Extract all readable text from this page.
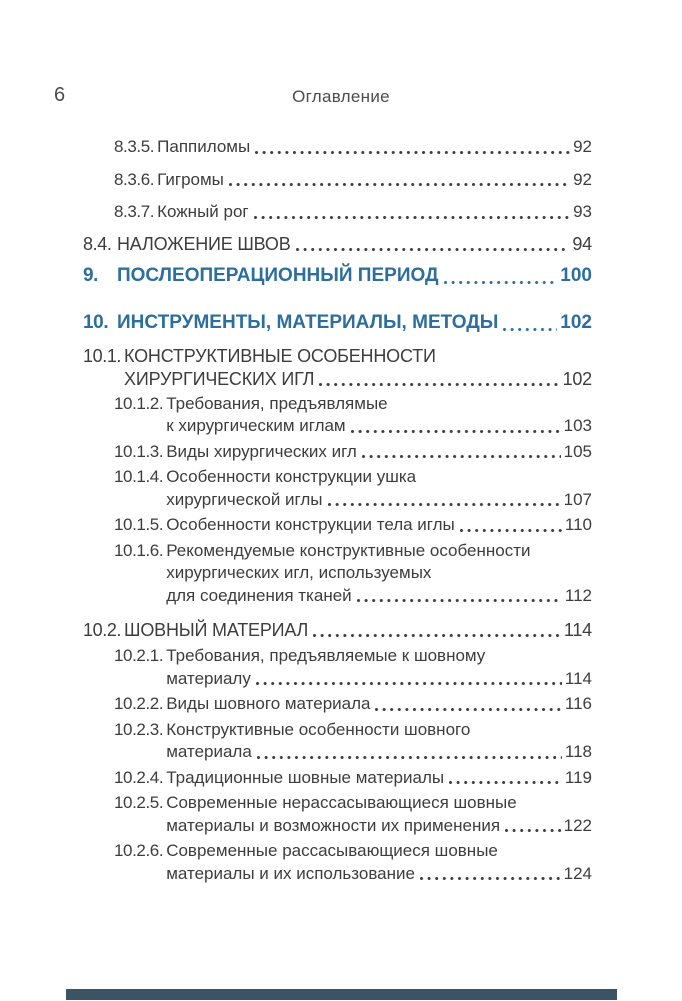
6	Оглавление
8.3.5. Паппиломы	92
8.3.6. Гигромы	92
8.3.7. Кожный рог	93
8.4. НАЛОЖЕНИЕ ШВОВ	94
9. ПОСЛЕОПЕРАЦИОННЫЙ ПЕРИОД	100
10. ИНСТРУМЕНТЫ, МАТЕРИАЛЫ, МЕТОДЫ	102
10.1. КОНСТРУКТИВНЫЕ ОСОБЕННОСТИ
ХИРУРГИЧЕСКИХ ИГЛ	102
10.1.2. Требования, предъявлямые
к хирургическим иглам	103
10.1.3. Виды хирургических игл	105
10.1.4. Особенности конструкции ушка
хирургической иглы	107
10.1.5. Особенности конструкции тела иглы	110
10.1.6. Рекомендуемые конструктивные особенности
хирургических игл, используемых
для соединения тканей	112
10.2. ШОВНЫЙ МАТЕРИАЛ	114
10.2.1. Требования, предъявляемые к шовному
материалу	114
10.2.2. Виды шовного материала	116
10.2.3. Конструктивные особенности шовного
материала	118
10.2.4. Традиционные шовные материалы	119
10.2.5. Современные нерассасывающиеся шовные
материалы и возможности их применения	122
10.2.6. Современные рассасывающиеся шовные
материалы и их использование	124
